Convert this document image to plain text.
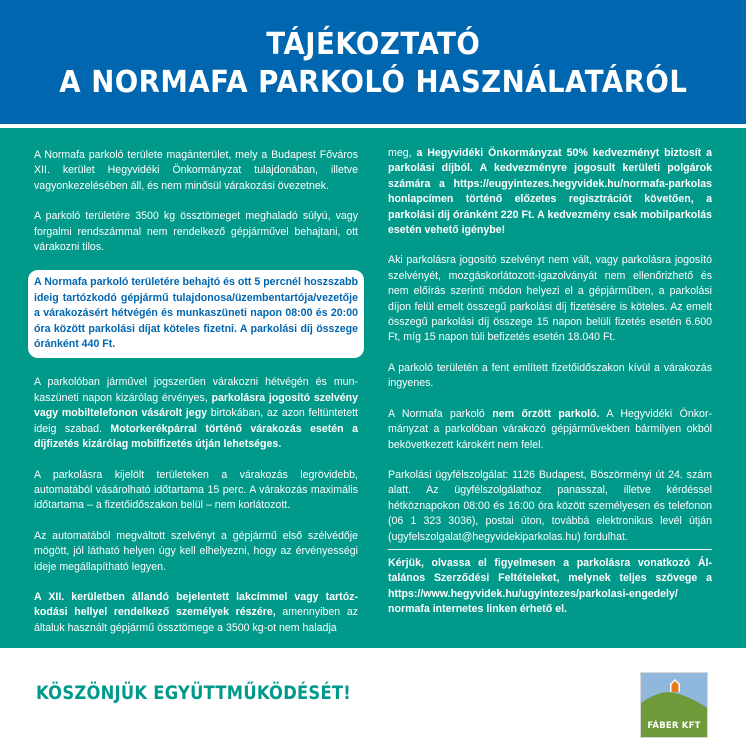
TÁJÉKOZTATÓ
A NORMAFA PARKOLÓ HASZNÁLATÁRÓL

A Normafa parkoló területe magánterület, mely a Budapest Főváros XII. kerület Hegyvidéki Önkormányzat tulajdonában, illetve vagyonkezelésében áll, és nem minősül várakozási övezetnek.

A parkoló területére 3500 kg össztömeget meghaladó súlyú, vagy forgalmi rendszámmal nem rendelkező gépjárművel behajtani, ott várakozni tilos.

A Normafa parkoló területére behajtó és ott 5 percnél hoszszabb ideig tartózkodó gépjármű tulajdonosa/üzembentartója/vezetője a várakozásért hétvégén és munkaszüneti napon 08:00 és 20:00 óra között parkolási díjat köteles fizetni. A parkolási díj összege óránként 440 Ft.

A parkolóban járművel jogszerűen várakozni hétvégén és munkaszüneti napon kizárólag érvényes, parkolásra jogosító szelvény vagy mobiltelefonon vásárolt jegy birtokában, az azon feltüntetett ideig szabad. Motorkerékpárral történő várakozás esetén a díjfizetés kizárólag mobilfizetés útján lehetséges.

A parkolásra kijelölt területeken a várakozás legrövidebb, automatából vásárolható időtartama 15 perc. A várakozás maximális időtartama – a fizetőidőszakon belül – nem korlátozott.

Az automatából megváltott szelvényt a gépjármű első szélvédője mögött, jól látható helyen úgy kell elhelyezni, hogy az érvényességi ideje megállapítható legyen.

A XII. kerületben állandó bejelentett lakcímmel vagy tartózkodási hellyel rendelkező személyek részére, amennyiben az általuk használt gépjármű össztömege a 3500 kg-ot nem haladja

meg, a Hegyvidéki Önkormányzat 50% kedvezményt biztosít a parkolási díjból. A kedvezményre jogosult kerületi polgárok számára a https://eugyintezes.hegyvidek.hu/normafa-parkolas honlapcímen történő előzetes regisztrációt követően, a parkolási díj óránként 220 Ft. A kedvezmény csak mobilparkolás esetén vehető igénybe!

Aki parkolásra jogosító szelvényt nem vált, vagy parkolásra jogosító szelvényét, mozgáskorlátozott-igazolványát nem ellenőrizhető és nem előírás szerinti módon helyezi el a gépjárműben, a parkolási díjon felül emelt összegű parkolási díj fizetésére is köteles. Az emelt összegű parkolási díj összege 15 napon belüli fizetés esetén 6.600 Ft, míg 15 napon túli befizetés esetén 18.040 Ft.

A parkoló területén a fent említett fizetőidőszakon kívül a várakozás ingyenes.

A Normafa parkoló nem őrzött parkoló. A Hegyvidéki Önkormányzat a parkolóban várakozó gépjárművekben bármilyen okból bekövetkezett károkért nem felel.

Parkolási ügyfélszolgálat: 1126 Budapest, Böszörményi út 24. szám alatt. Az ügyfélszolgálathoz panasszal, illetve kérdéssel hétköznapokon 08:00 és 16:00 óra között személyesen és telefonon (06 1 323 3036), postai úton, továbbá elektronikus levél útján (ugyfelszolgalat@hegyvidekiparkolas.hu) fordulhat.

Kérjük, olvassa el figyelmesen a parkolásra vonatkozó Általános Szerződési Feltételeket, melynek teljes szövege a https://www.hegyvidek.hu/ugyintezes/parkolasi-engedely/ normafa internetes linken érhető el.

KÖSZÖNJÜK EGYÜTTMŰKÖDÉSÉT!
FÁBER KFT
